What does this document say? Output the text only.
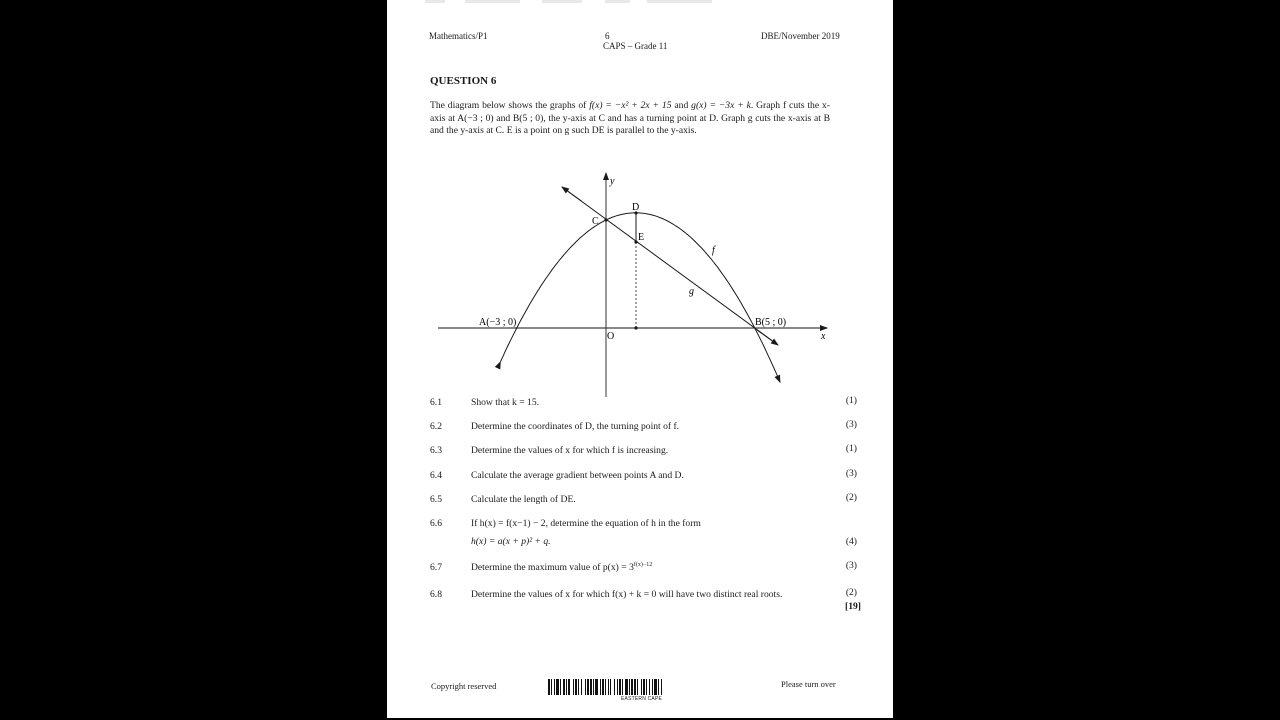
Mathematics/P1	6
CAPS – Grade 11
DBE/November 2019
QUESTION 6
The diagram below shows the graphs of f(x) = −x² + 2x + 15 and g(x) = −3x + k. Graph f cuts the x-axis at A(−3 ; 0) and B(5 ; 0), the y-axis at C and has a turning point at D. Graph g cuts the x-axis at B and the y-axis at C. E is a point on g such DE is parallel to the y-axis.
y
x
O
A(−3 ; 0)	B(5 ; 0)
C
D
E
f
g
6.1	Show that k = 15.	(1)
6.2	Determine the coordinates of D, the turning point of f.	(3)
6.3	Determine the values of x for which f is increasing.	(1)
6.4	Calculate the average gradient between points A and D.	(3)
6.5	Calculate the length of DE.	(2)
6.6	If h(x) = f(x−1) − 2, determine the equation of h in the form
h(x) = a(x + p)² + q.	(4)
6.7	Determine the maximum value of $p(x) = 3^{f(x)-12}$	(3)
6.8	Determine the values of x for which f(x) + k = 0 will have two distinct real roots.	(2)
[19]
Copyright reserved
EASTERN CAPE
Please turn over
